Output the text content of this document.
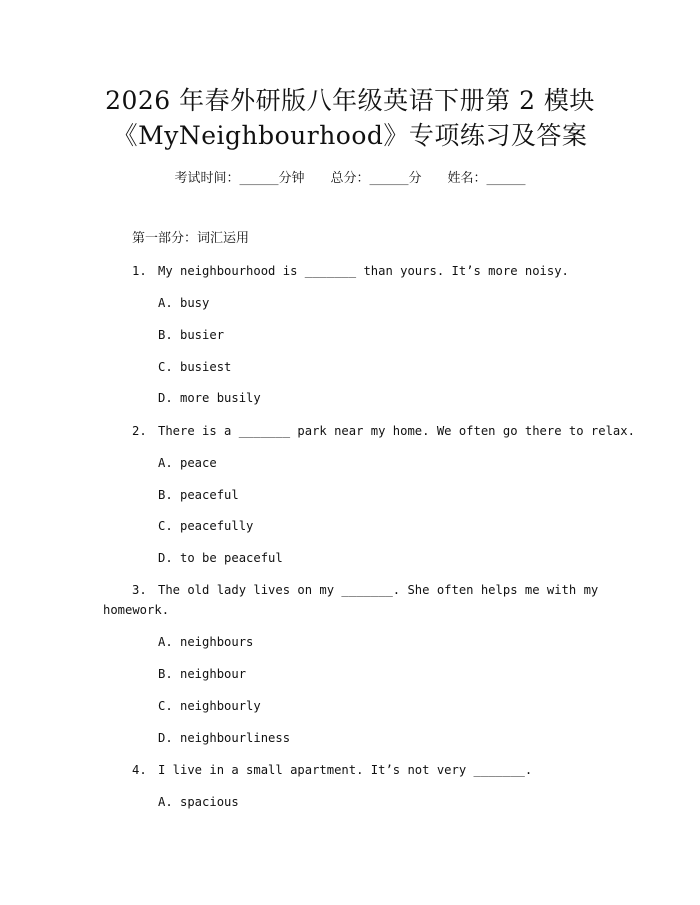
2026 年春外研版八年级英语下册第 2 模块
《MyNeighbourhood》专项练习及答案
考试时间：______分钟 总分：______分 姓名：______
第一部分：词汇运用
1. My neighbourhood is _______ than yours. It’s more noisy.
A. busy
B. busier
C. busiest
D. more busily
2. There is a _______ park near my home. We often go there to relax.
A. peace
B. peaceful
C. peacefully
D. to be peaceful
3. The old lady lives on my _______. She often helps me with my
homework.
A. neighbours
B. neighbour
C. neighbourly
D. neighbourliness
4. I live in a small apartment. It’s not very _______.
A. spacious
